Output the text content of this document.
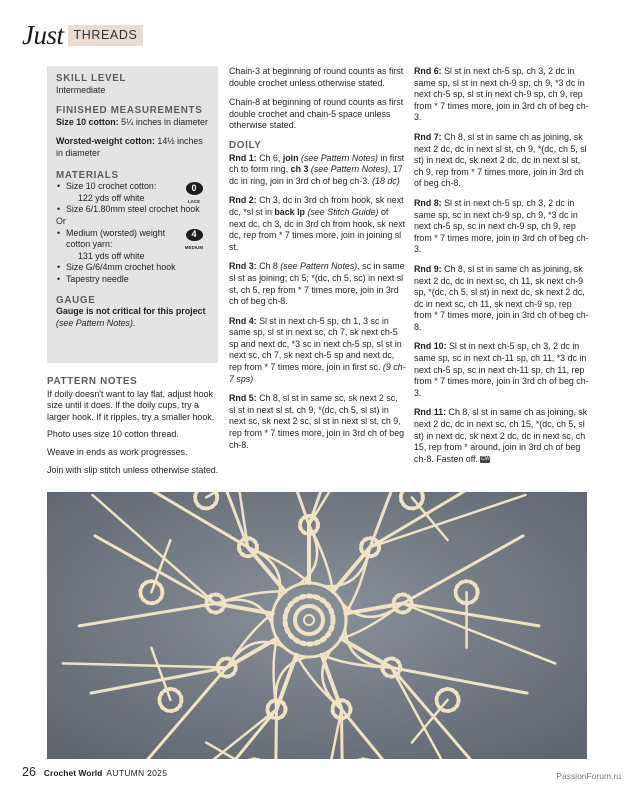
Just THREADS
SKILL LEVEL
Intermediate
FINISHED MEASUREMENTS
Size 10 cotton: 5¼ inches in diameter
Worsted-weight cotton: 14½ inches in diameter
MATERIALS
0
LACE
• Size 10 crochet cotton:
122 yds off white
• Size 6/1.80mm steel crochet hook
Or
4
MEDIUM
• Medium (worsted) weight cotton yarn:
131 yds off white
• Size G/6/4mm crochet hook
• Tapestry needle
GAUGE
Gauge is not critical for this project
(see Pattern Notes).
PATTERN NOTES

If doily doesn't want to lay flat, adjust hook size until it does. If the doily cups, try a larger hook. If it ripples, try a smaller hook.

Photo uses size 10 cotton thread.

Weave in ends as work progresses.

Join with slip stitch unless otherwise stated.

Chain-3 at beginning of round counts as first double crochet unless otherwise stated.

Chain-8 at beginning of round counts as first double crochet and chain-5 space unless otherwise stated.

DOILY

Rnd 1: Ch 6, join (see Pattern Notes) in first ch to form ring, ch 3 (see Pattern Notes), 17 dc in ring, join in 3rd ch of beg ch-3. (18 dc)

Rnd 2: Ch 3, dc in 3rd ch from hook, sk next dc, *sl st in back lp (see Stitch Guide) of next dc, ch 3, dc in 3rd ch from hook, sk next dc, rep from * 7 times more, join in joining sl st.

Rnd 3: Ch 8 (see Pattern Notes), sc in same sl st as joining; ch 5; *(dc, ch 5, sc) in next sl st, ch 5, rep from * 7 times more, join in 3rd ch of beg ch-8.

Rnd 4: Sl st in next ch-5 sp, ch 1, 3 sc in same sp, sl st in next sc, ch 7, sk next ch-5 sp and next dc, *3 sc in next ch-5 sp, sl st in next sc, ch 7, sk next ch-5 sp and next dc, rep from * 7 times more, join in first sc. (9 ch-7 sps)

Rnd 5: Ch 8, sl st in same sc, sk next 2 sc, sl st in next sl st, ch 9, *(dc, ch 5, sl st) in next sc, sk next 2 sc, sl st in next sl st, ch 9, rep from * 7 times more, join in 3rd ch of beg ch-8.

Rnd 6: Sl st in next ch-5 sp, ch 3, 2 dc in same sp, sl st in next ch-9 sp, ch 9, *3 dc in next ch-5 sp, sl st in next ch-9 sp, ch 9, rep from * 7 times more, join in 3rd ch of beg ch-3.

Rnd 7: Ch 8, sl st in same ch as joining, sk next 2 dc, dc in next sl st, ch 9, *(dc, ch 5, sl st) in next dc, sk next 2 dc, dc in next sl st, ch 9, rep from * 7 times more, join in 3rd ch of beg ch-8.

Rnd 8: Sl st in next ch-5 sp, ch 3, 2 dc in same sp, sc in next ch-9 sp, ch 9, *3 dc in next ch-5 sp, sc in next ch-9 sp, ch 9, rep from * 7 times more, join in 3rd ch of beg ch-3.

Rnd 9: Ch 8, sl st in same ch as joining, sk next 2 dc, dc in next sc, ch 11, sk next ch-9 sp, *(dc, ch 5, sl st) in next dc, sk next 2 dc, dc in next sc, ch 11, sk next ch-9 sp, rep from * 7 times more, join in 3rd ch of beg ch-8.

Rnd 10: Sl st in next ch-5 sp, ch 3, 2 dc in same sp, sc in next ch-11 sp, ch 11, *3 dc in next ch-5 sp, sc in next ch-11 sp, ch 11, rep from * 7 times more, join in 3rd ch of beg ch-3.

Rnd 11: Ch 8, sl st in same ch as joining, sk next 2 dc, dc in next sc, ch 15, *(dc, ch 5, sl st) in next dc, sk next 2 dc, dc in next sc, ch 15, rep from * around, join in 3rd ch of beg ch-8. Fasten off. CW

26 Crochet World AUTUMN 2025	PassionForum.ru
